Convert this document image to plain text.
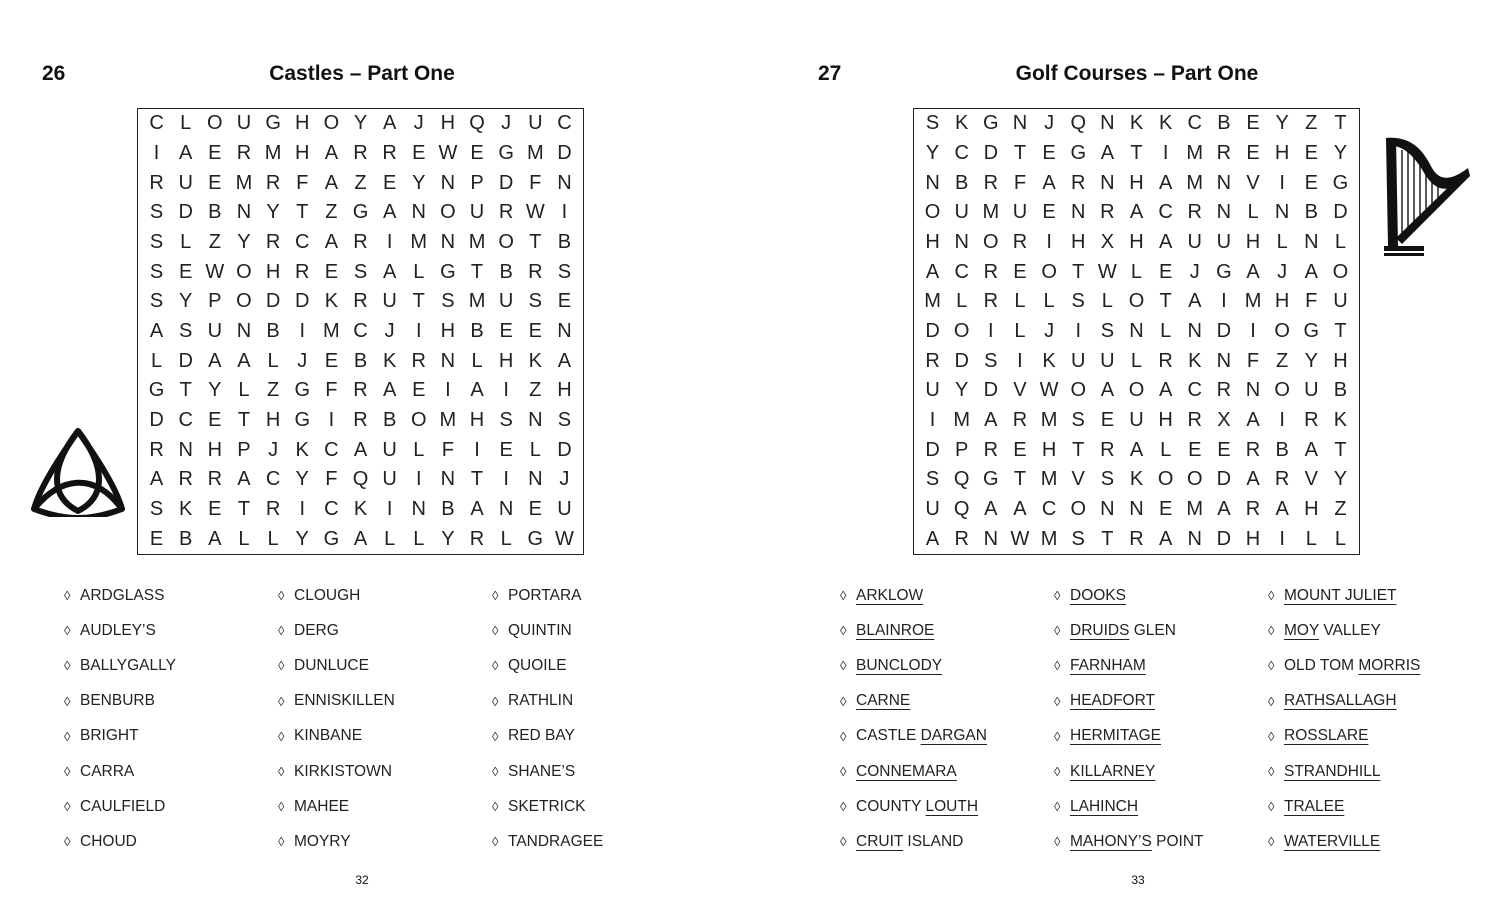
26	Castles – Part One
C L O U G H O Y A J H Q J U C
I A E R M H A R R E W E G M D
R U E M R F A Z E Y N P D F N
S D B N Y T Z G A N O U R W I
S L Z Y R C A R I M N M O T B
S E W O H R E S A L G T B R S
S Y P O D D K R U T S M U S E
A S U N B I M C J	I H B E E N
L D A A L J E B K R N L H K A
G T Y L Z G F R A E I A I	Z H
D C E T H G I R B O M H S N S
R N H P J K C A U L F	I E L D
A R R A C Y F Q U I N T	I N J
S K E T R I C K I N B A N E U
E B A L L Y G A L L Y R L G W
◊ ARDGLASS
◊ AUDLEY’S
◊ BALLYGALLY
◊ BENBURB
◊ BRIGHT
◊ CARRA
◊ CAULFIELD
◊ CHOUD
◊ CLOUGH
◊ DERG
◊ DUNLUCE
◊ ENNISKILLEN
◊ KINBANE
◊ KIRKISTOWN
◊ MAHEE
◊ MOYRY
◊ PORTARA
◊ QUINTIN
◊ QUOILE
◊ RATHLIN
◊ RED BAY
◊ SHANE’S
◊ SKETRICK
◊ TANDRAGEE
32
27	Golf Courses – Part One
S K G N J Q N K K C B E Y Z T
Y C D T E G A T	I M R E H E Y
N B R F A R N H A M N V I E G
O U M U E N R A C R N L N B D
H N O R I H X H A U U H L N L
A C R E O T W L E J G A J A O
M L R L L S L O T A I M H F U
D O I	L J	I S N L N D I O G T
R D S I K U U L R K N F Z Y H
U Y D V W O A O A C R N O U B
I M A R M S E U H R X A I R K
D P R E H T R A L E E R B A T
S Q G T M V S K O O D A R V Y
U Q A A C O N N E M A R A H Z
A R N W M S T R A N D H I	L L
◊ ARKLOW
◊ BLAINROE
◊ BUNCLODY
◊ CARNE
◊ CASTLE DARGAN
◊ CONNEMARA
◊ COUNTY LOUTH
◊ CRUIT ISLAND
◊ DOOKS
◊ DRUIDS GLEN
◊ FARNHAM
◊ HEADFORT
◊ HERMITAGE
◊ KILLARNEY
◊ LAHINCH
◊ MAHONY’S POINT
◊ MOUNT JULIET
◊ MOY VALLEY
◊ OLD TOM MORRIS
◊ RATHSALLAGH
◊ ROSSLARE
◊ STRANDHILL
◊ TRALEE
◊ WATERVILLE
33
